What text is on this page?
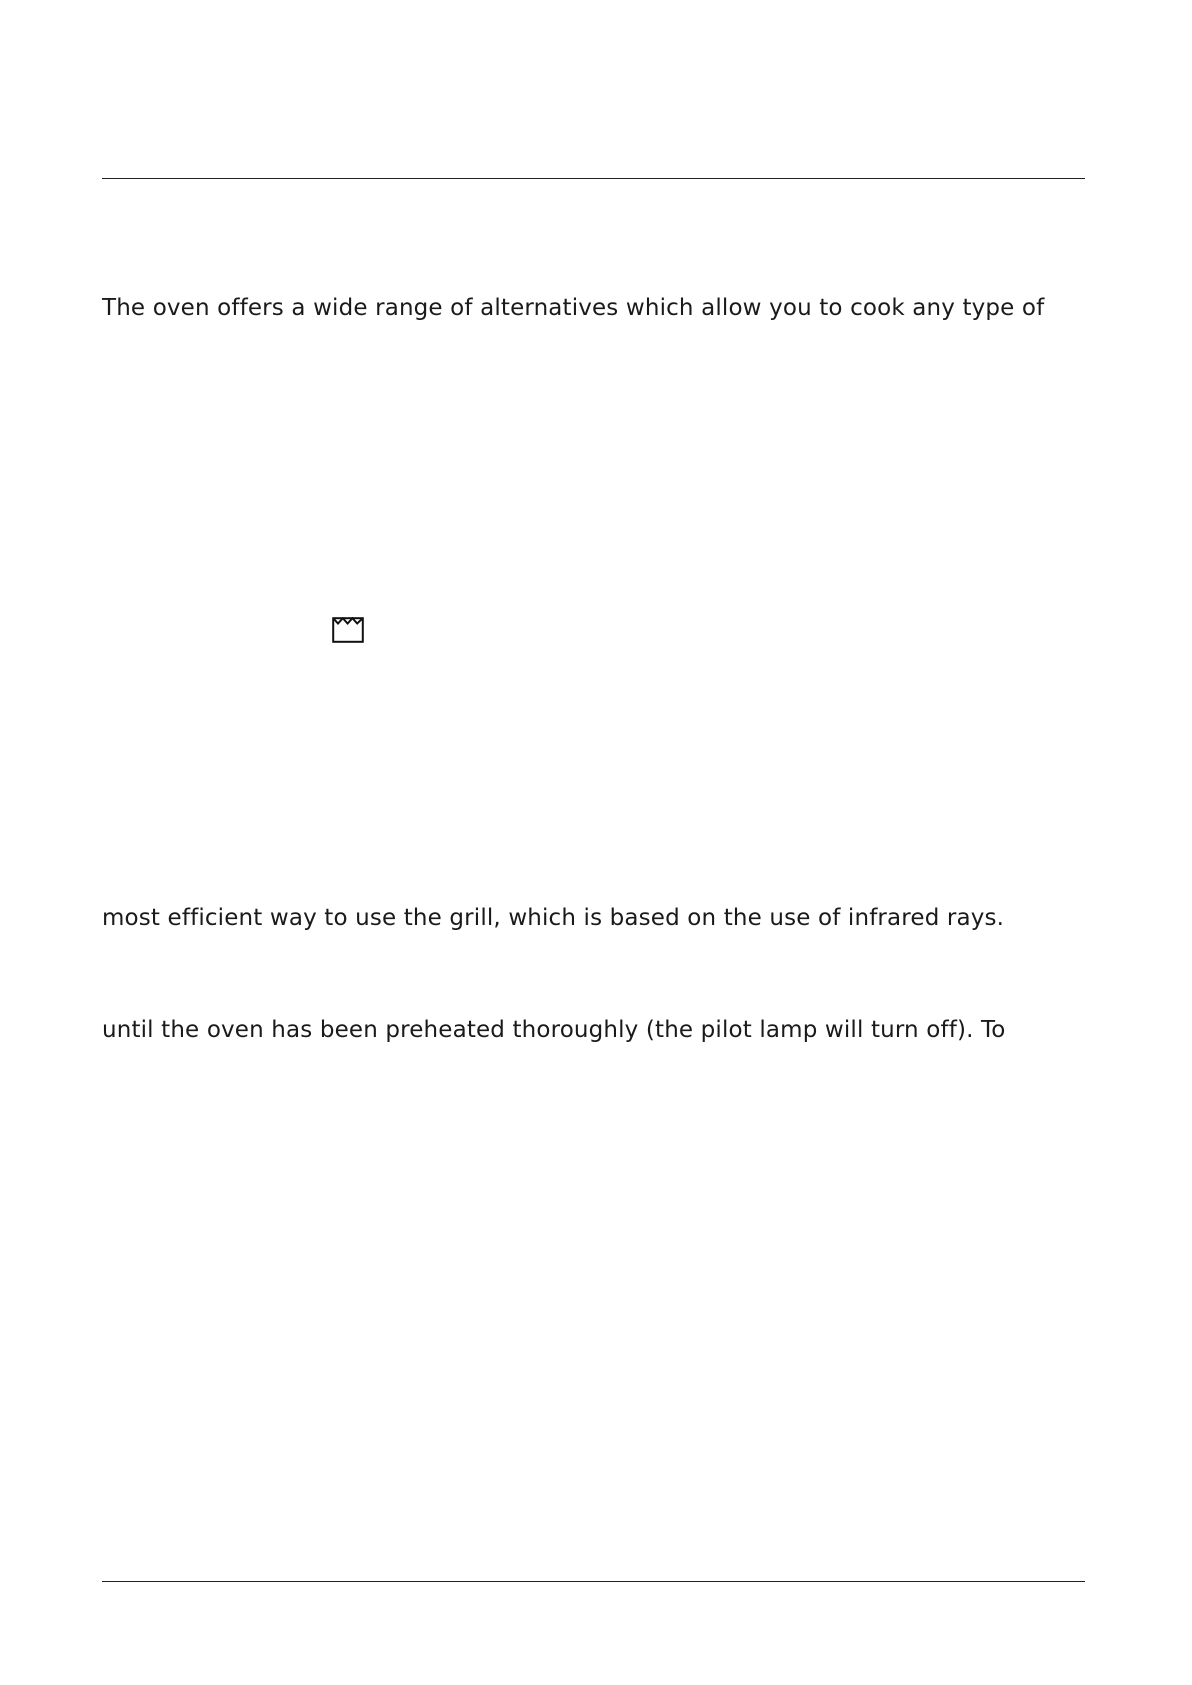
The oven offers a wide range of alternatives which allow you to cook any type of
most efficient way to use the grill, which is based on the use of infrared rays.
until the oven has been preheated thoroughly (the pilot lamp will turn off). To
